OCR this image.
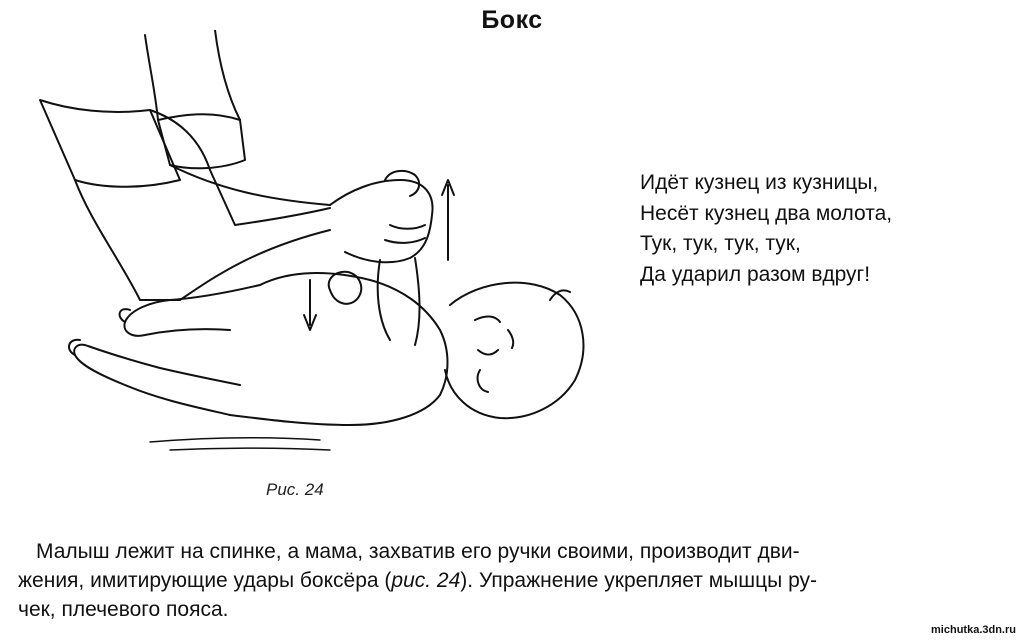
Бокс
Рис. 24
Идёт кузнец из кузницы,
Несёт кузнец два молота,
Тук, тук, тук, тук,
Да ударил разом вдруг!
Малыш лежит на спинке, а мама, захватив его ручки своими, производит дви-
жения, имитирующие удары боксёра (рис. 24). Упражнение укрепляет мышцы ру-
чек, плечевого пояса.
michutka.3dn.ru
